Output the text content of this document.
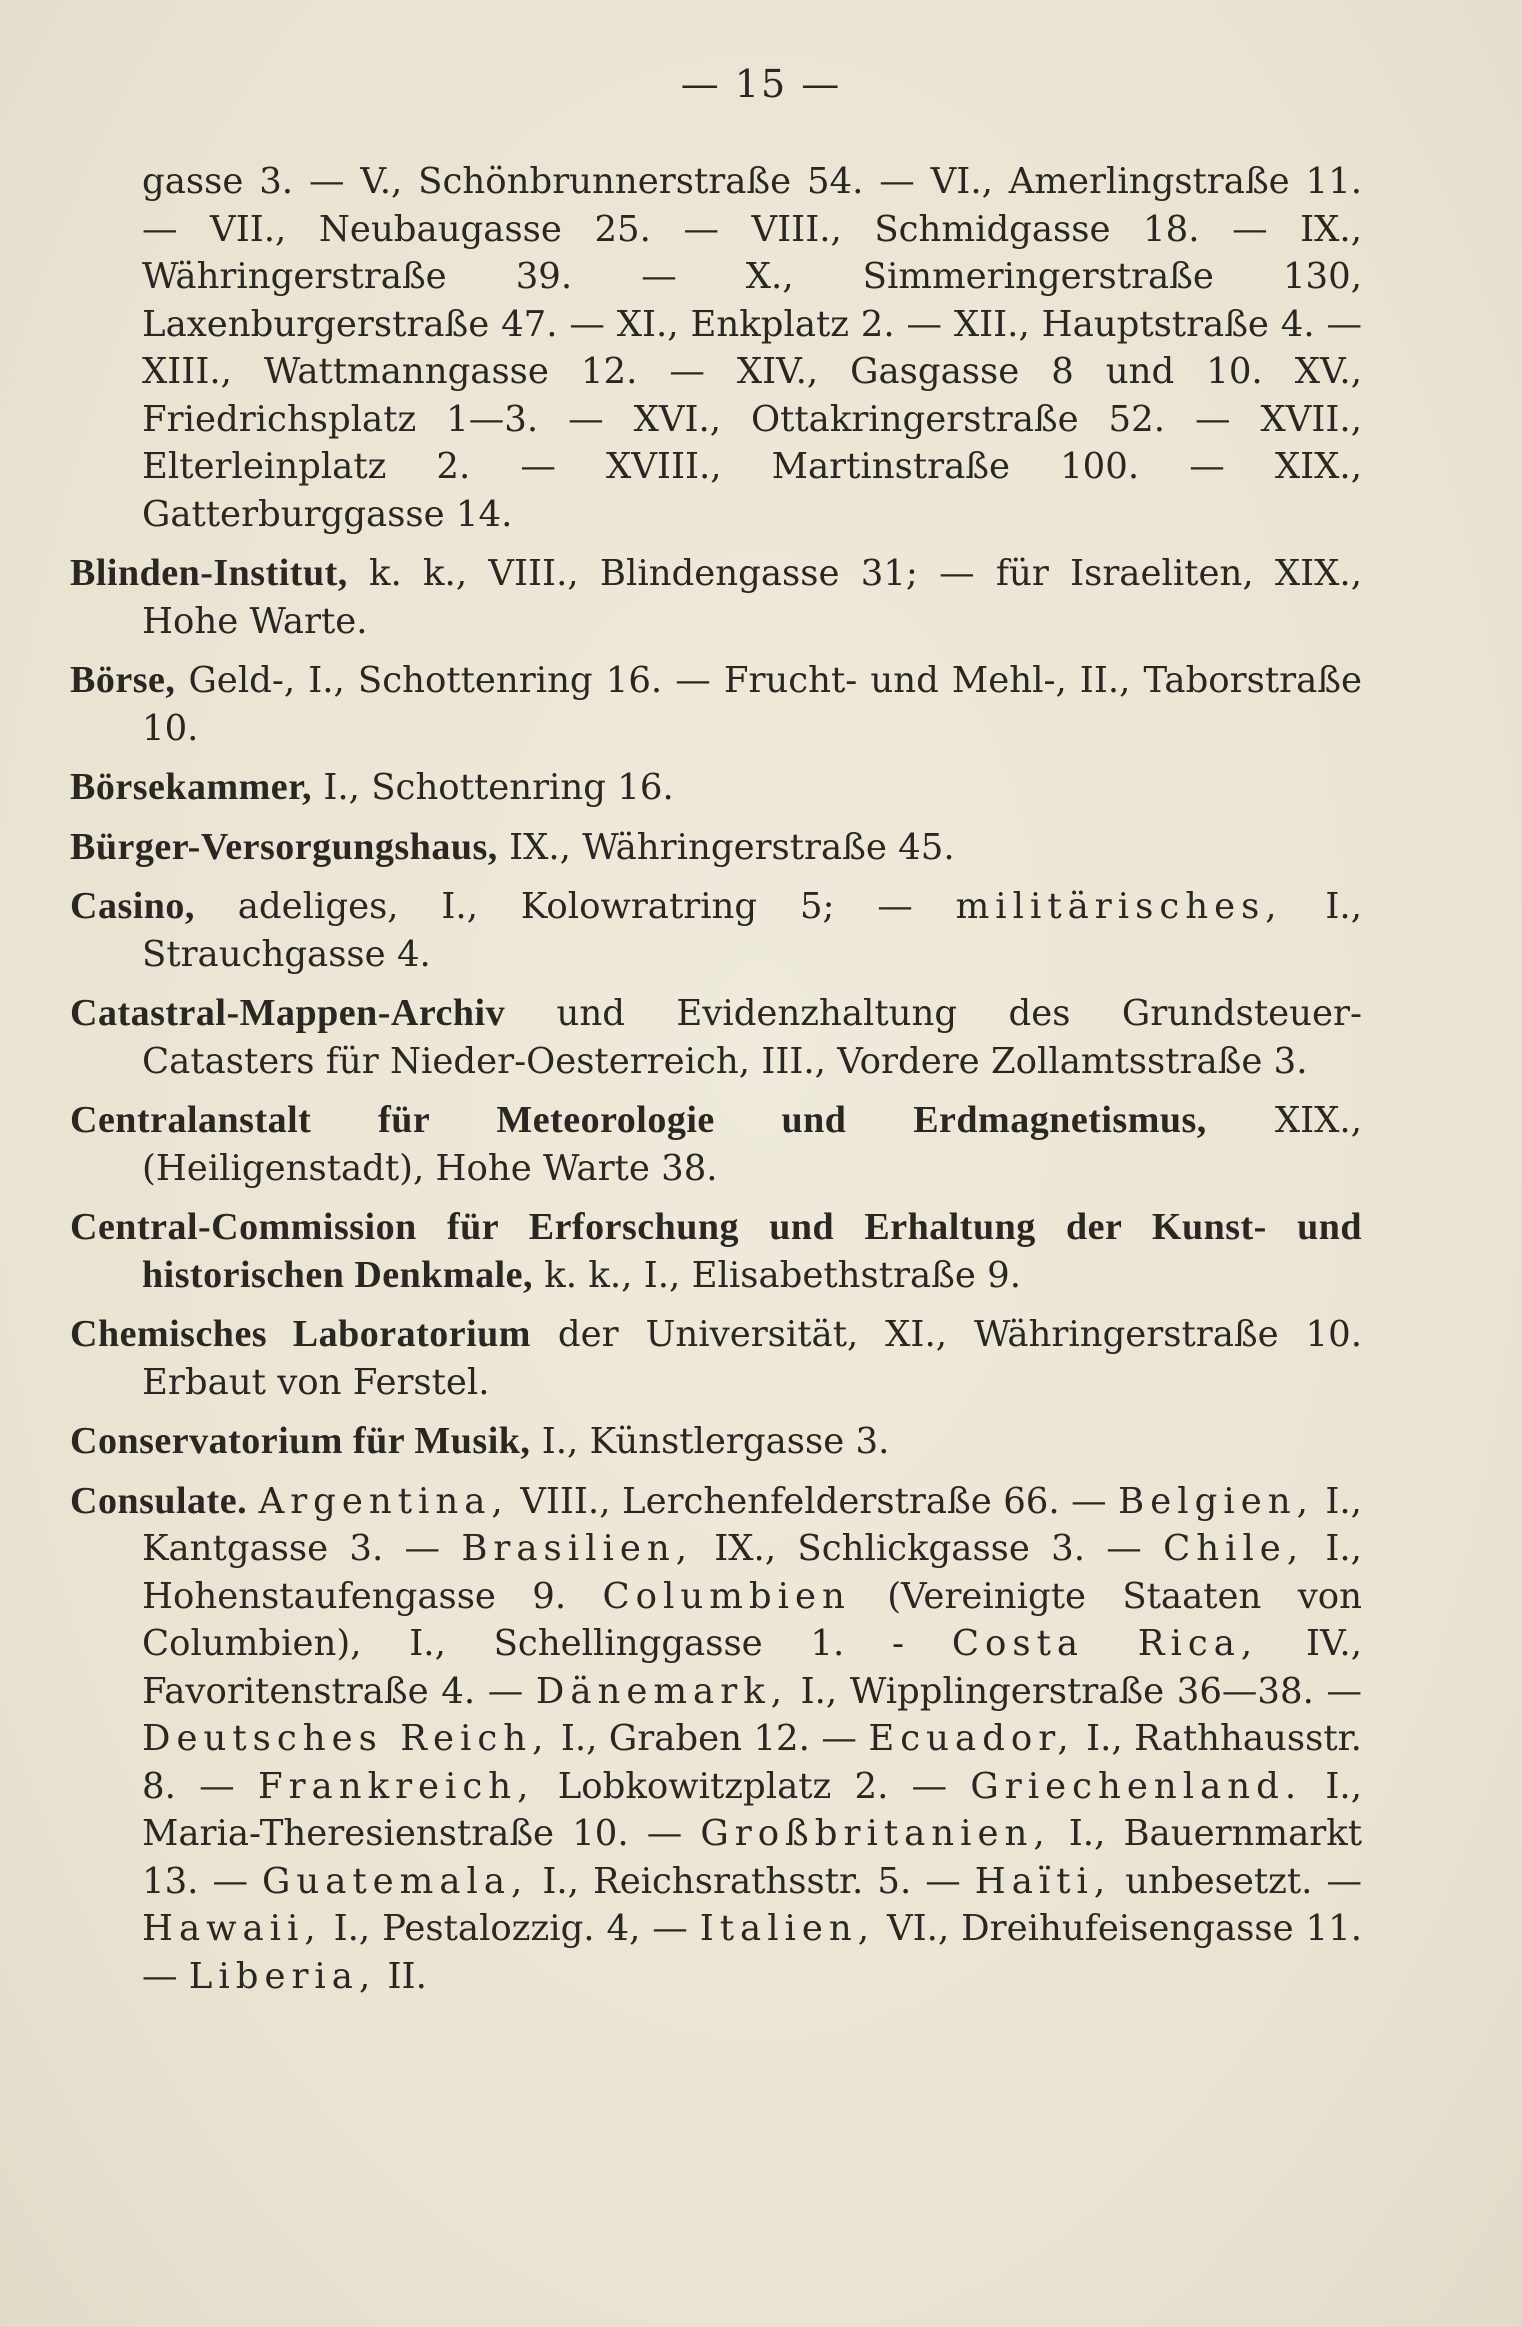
— 15 —

gasse 3. — V., Schönbrunnerstraße 54. — VI., Amerlingstraße 11. — VII., Neubaugasse 25. — VIII., Schmidgasse 18. — IX., Währingerstraße 39. — X., Simmeringerstraße 130, Laxenburgerstraße 47. — XI., Enkplatz 2. — XII., Hauptstraße 4. — XIII., Wattmanngasse 12. — XIV., Gasgasse 8 und 10. XV., Friedrichsplatz 1—3. — XVI., Ottakringerstraße 52. — XVII., Elterleinplatz 2. — XVIII., Martinstraße 100. — XIX., Gatterburggasse 14.

Blinden-Institut, k. k., VIII., Blindengasse 31; — für Israeliten, XIX., Hohe Warte.

Börse, Geld-, I., Schottenring 16. — Frucht- und Mehl-, II., Taborstraße 10.

Börsekammer, I., Schottenring 16.

Bürger-Versorgungshaus, IX., Währingerstraße 45.

Casino, adeliges, I., Kolowratring 5; — militärisches, I., Strauchgasse 4.

Catastral-Mappen-Archiv und Evidenzhaltung des Grundsteuer-Catasters für Nieder-Oesterreich, III., Vordere Zollamtsstraße 3.

Centralanstalt für Meteorologie und Erdmagnetismus, XIX., (Heiligenstadt), Hohe Warte 38.

Central-Commission für Erforschung und Erhaltung der Kunst- und historischen Denkmale, k. k., I., Elisabethstraße 9.

Chemisches Laboratorium der Universität, XI., Währingerstraße 10. Erbaut von Ferstel.

Conservatorium für Musik, I., Künstlergasse 3.

Consulate. Argentina, VIII., Lerchenfelderstraße 66. — Belgien, I., Kantgasse 3. — Brasilien, IX., Schlickgasse 3. — Chile, I., Hohenstaufengasse 9. Columbien (Vereinigte Staaten von Columbien), I., Schellinggasse 1. - Costa Rica, IV., Favoritenstraße 4. — Dänemark, I., Wipplingerstraße 36—38. — Deutsches Reich, I., Graben 12. — Ecuador, I., Rathhausstr. 8. — Frankreich, Lobkowitzplatz 2. — Griechenland. I., Maria-Theresienstraße 10. — Großbritanien, I., Bauernmarkt 13. — Guatemala, I., Reichsrathsstr. 5. — Haïti, unbesetzt. — Hawaii, I., Pestalozzig. 4, — Italien, VI., Dreihufeisengasse 11. — Liberia, II.
